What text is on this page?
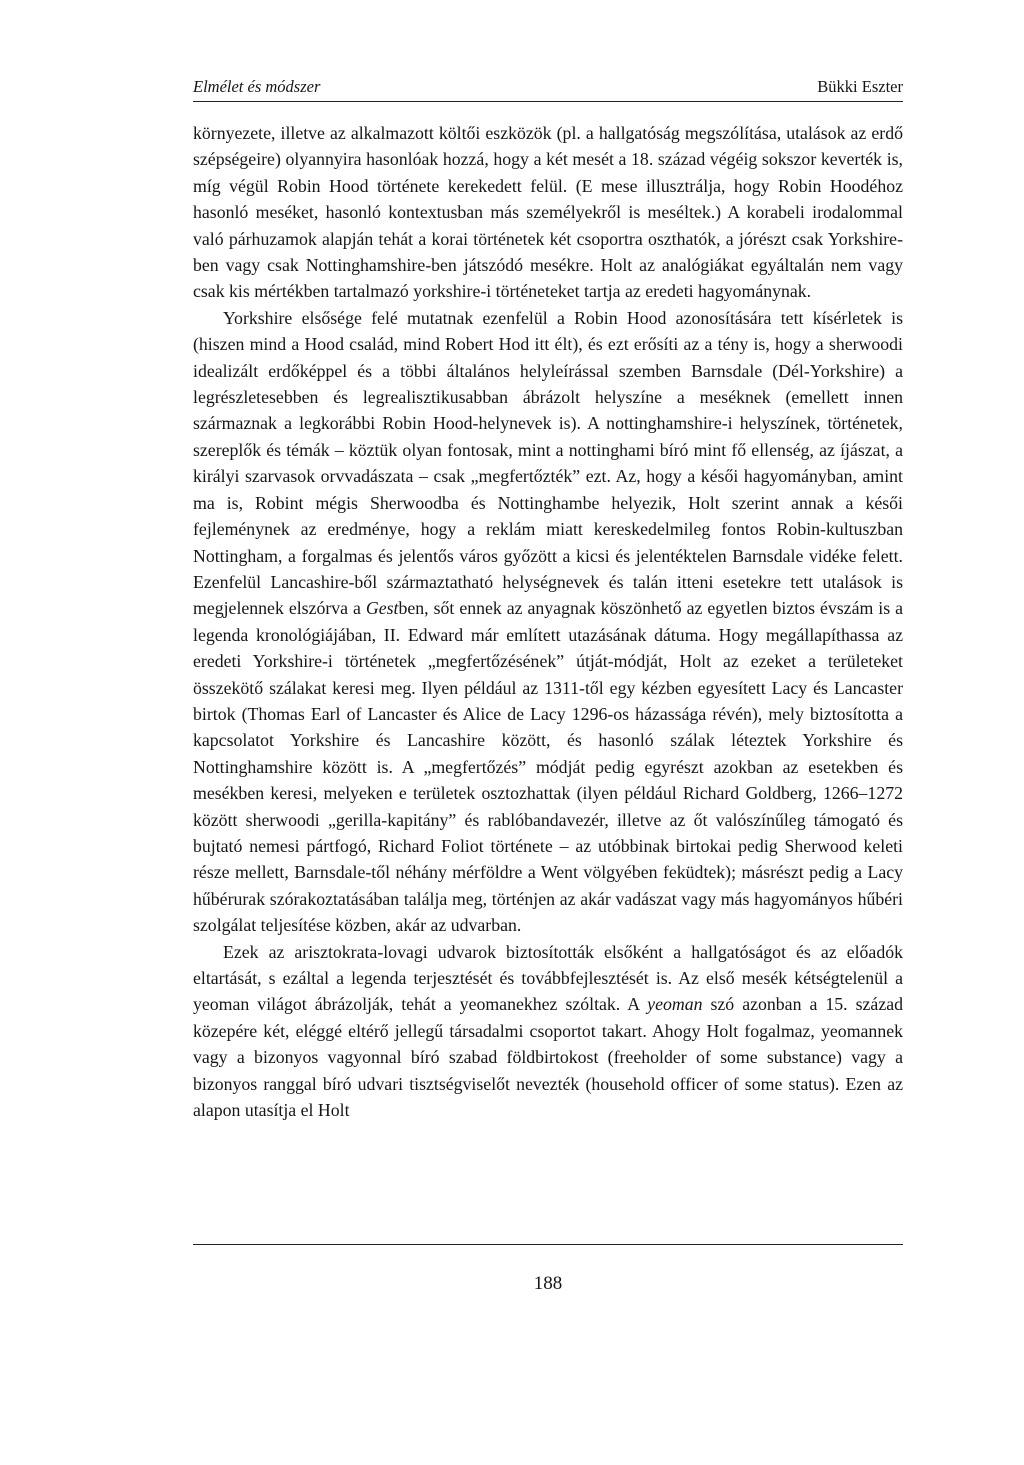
Elmélet és módszer	Bükki Eszter

környezete, illetve az alkalmazott költői eszközök (pl. a hallgatóság megszólítása, utalások az erdő szépségeire) olyannyira hasonlóak hozzá, hogy a két mesét a 18. század végéig sokszor keverték is, míg végül Robin Hood története kerekedett felül. (E mese illusztrálja, hogy Robin Hoodéhoz hasonló meséket, hasonló kontextusban más személyekről is meséltek.) A korabeli irodalommal való párhuzamok alapján tehát a korai történetek két csoportra oszthatók, a jórészt csak Yorkshire-ben vagy csak Nottinghamshire-ben játszódó mesékre. Holt az analógiákat egyáltalán nem vagy csak kis mértékben tartalmazó yorkshire-i történeteket tartja az eredeti hagyománynak.

Yorkshire elsősége felé mutatnak ezenfelül a Robin Hood azonosítására tett kísérletek is (hiszen mind a Hood család, mind Robert Hod itt élt), és ezt erősíti az a tény is, hogy a sherwoodi idealizált erdőképpel és a többi általános helyleírással szemben Barnsdale (Dél-Yorkshire) a legrészletesebben és legrealisztikusabban ábrázolt helyszíne a meséknek (emellett innen származnak a legkorábbi Robin Hood-helynevek is). A nottinghamshire-i helyszínek, történetek, szereplők és témák – köztük olyan fontosak, mint a nottinghami bíró mint fő ellenség, az íjászat, a királyi szarvasok orvvadászata – csak „megfertőzték” ezt. Az, hogy a késői hagyományban, amint ma is, Robint mégis Sherwoodba és Nottinghambe helyezik, Holt szerint annak a késői fejleménynek az eredménye, hogy a reklám miatt kereskedelmileg fontos Robin-kultuszban Nottingham, a forgalmas és jelentős város győzött a kicsi és jelentéktelen Barnsdale vidéke felett. Ezenfelül Lancashire-ből származtatható helységnevek és talán itteni esetekre tett utalások is megjelennek elszórva a Gestben, sőt ennek az anyagnak köszönhető az egyetlen biztos évszám is a legenda kronológiájában, II. Edward már említett utazásának dátuma. Hogy megállapíthassa az eredeti Yorkshire-i történetek „megfertőzésének” útját-módját, Holt az ezeket a területeket összekötő szálakat keresi meg. Ilyen például az 1311-től egy kézben egyesített Lacy és Lancaster birtok (Thomas Earl of Lancaster és Alice de Lacy 1296-os házassága révén), mely biztosította a kapcsolatot Yorkshire és Lancashire között, és hasonló szálak léteztek Yorkshire és Nottinghamshire között is. A „megfertőzés” módját pedig egyrészt azokban az esetekben és mesékben keresi, melyeken e területek osztozhattak (ilyen például Richard Goldberg, 1266–1272 között sherwoodi „gerilla-kapitány” és rablóbandavezér, illetve az őt valószínűleg támogató és bujtató nemesi pártfogó, Richard Foliot története – az utóbbinak birtokai pedig Sherwood keleti része mellett, Barnsdale-től néhány mérföldre a Went völgyében feküdtek); másrészt pedig a Lacy hűbérurak szórakoztatásában találja meg, történjen az akár vadászat vagy más hagyományos hűbéri szolgálat teljesítése közben, akár az udvarban.

Ezek az arisztokrata-lovagi udvarok biztosították elsőként a hallgatóságot és az előadók eltartását, s ezáltal a legenda terjesztését és továbbfejlesztését is. Az első mesék kétségtelenül a yeoman világot ábrázolják, tehát a yeomanekhez szóltak. A yeoman szó azonban a 15. század közepére két, eléggé eltérő jellegű társadalmi csoportot takart. Ahogy Holt fogalmaz, yeomannek vagy a bizonyos vagyonnal bíró szabad földbirtokost (freeholder of some substance) vagy a bizonyos ranggal bíró udvari tisztségviselőt nevezték (household officer of some status). Ezen az alapon utasítja el Holt

188
